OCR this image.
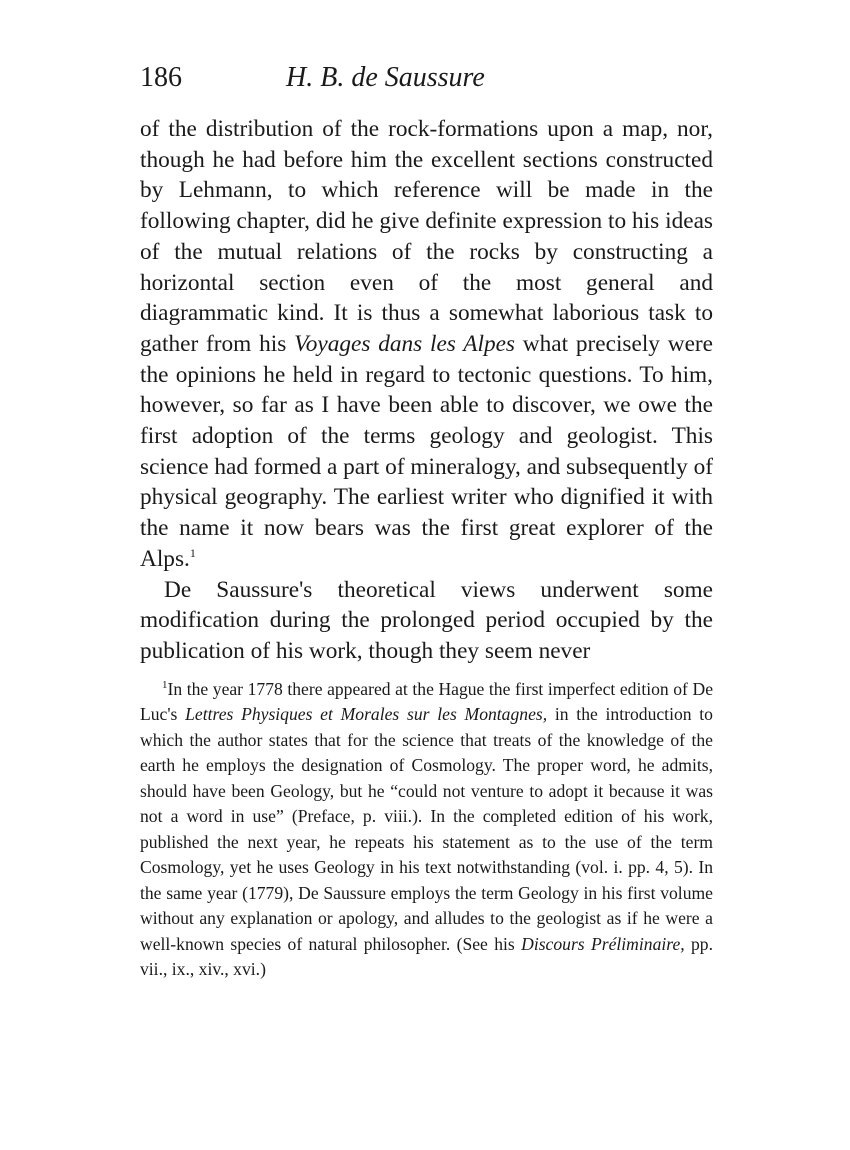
186	H. B. de Saussure

of the distribution of the rock-formations upon a map, nor, though he had before him the excellent sections constructed by Lehmann, to which reference will be made in the following chapter, did he give definite expression to his ideas of the mutual relations of the rocks by constructing a horizontal section even of the most general and diagrammatic kind. It is thus a somewhat laborious task to gather from his Voyages dans les Alpes what precisely were the opinions he held in regard to tectonic questions. To him, however, so far as I have been able to discover, we owe the first adoption of the terms geology and geologist. This science had formed a part of mineralogy, and subsequently of physical geography. The earliest writer who dignified it with the name it now bears was the first great explorer of the Alps.$^1$

De Saussure's theoretical views underwent some modification during the prolonged period occupied by the publication of his work, though they seem never

$^1$In the year 1778 there appeared at the Hague the first imperfect edition of De Luc's Lettres Physiques et Morales sur les Montagnes, in the introduction to which the author states that for the science that treats of the knowledge of the earth he employs the designation of Cosmology. The proper word, he admits, should have been Geology, but he “could not venture to adopt it because it was not a word in use” (Preface, p. viii.). In the completed edition of his work, published the next year, he repeats his statement as to the use of the term Cosmology, yet he uses Geology in his text notwithstanding (vol. i. pp. 4, 5). In the same year (1779), De Saussure employs the term Geology in his first volume without any explanation or apology, and alludes to the geologist as if he were a well-known species of natural philosopher. (See his Discours Préliminaire, pp. vii., ix., xiv., xvi.)
